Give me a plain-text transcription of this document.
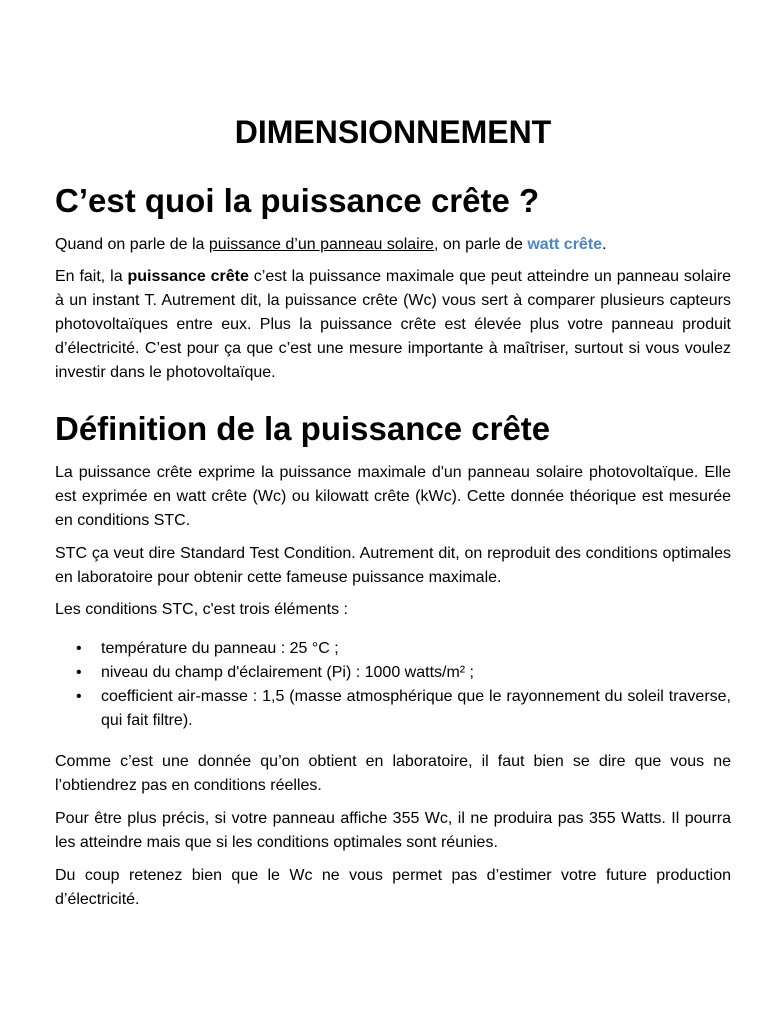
DIMENSIONNEMENT
C’est quoi la puissance crête ?

Quand on parle de la puissance d’un panneau solaire, on parle de watt crête.

En fait, la puissance crête c’est la puissance maximale que peut atteindre un panneau solaire à un instant T. Autrement dit, la puissance crête (Wc) vous sert à comparer plusieurs capteurs photovoltaïques entre eux. Plus la puissance crête est élevée plus votre panneau produit d’électricité. C’est pour ça que c’est une mesure importante à maîtriser, surtout si vous voulez investir dans le photovoltaïque.

Définition de la puissance crête

La puissance crête exprime la puissance maximale d'un panneau solaire photovoltaïque. Elle est exprimée en watt crête (Wc) ou kilowatt crête (kWc). Cette donnée théorique est mesurée en conditions STC.

STC ça veut dire Standard Test Condition. Autrement dit, on reproduit des conditions optimales en laboratoire pour obtenir cette fameuse puissance maximale.

Les conditions STC, c'est trois éléments :

• température du panneau : 25 °C ;
• niveau du champ d'éclairement (Pi) : 1000 watts/m² ;
• coefficient air-masse : 1,5 (masse atmosphérique que le rayonnement du soleil traverse, qui fait filtre).

Comme c’est une donnée qu’on obtient en laboratoire, il faut bien se dire que vous ne l’obtiendrez pas en conditions réelles.

Pour être plus précis, si votre panneau affiche 355 Wc, il ne produira pas 355 Watts. Il pourra les atteindre mais que si les conditions optimales sont réunies.

Du coup retenez bien que le Wc ne vous permet pas d’estimer votre future production d’électricité.
